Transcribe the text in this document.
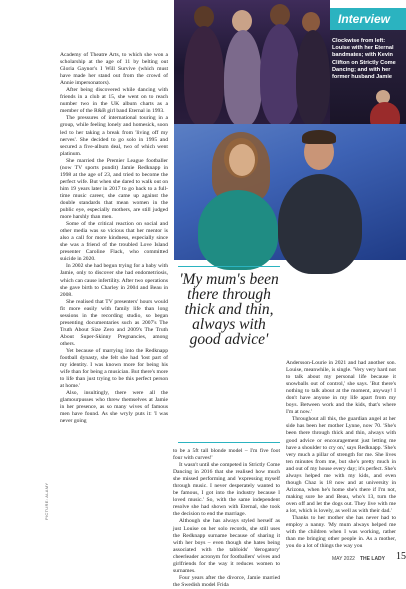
Clockwise from left: Louise with her Eternal bandmates; with Kevin Clifton on Strictly Come Dancing; and with her former husband Jamie
Interview

Academy of Theatre Arts, to which she won a scholarship at the age of 11 by belting out Gloria Gaynor's I Will Survive (which must have made her stand out from the crowd of Annie impersonators).

After being discovered while dancing with friends in a club at 15, she went on to reach number two in the UK album charts as a member of the R&B girl band Eternal in 1993.

The pressures of international touring in a group, while feeling lonely and homesick, soon led to her taking a break from 'living off my nerves'. She decided to go solo in 1995 and secured a five-album deal, two of which went platinum.

She married the Premier League footballer (now TV sports pundit) Jamie Redknapp in 1998 at the age of 23, and tried to become the perfect wife. But when she dared to walk out on him 19 years later in 2017 to go back to a full-time music career, she came up against the double standards that mean women in the public eye, especially mothers, are still judged more harshly than men.

Some of the critical reaction on social and other media was so vicious that her mentor is also a call for more kindness, especially since she was a friend of the troubled Love Island presenter Caroline Flack, who committed suicide in 2020.

In 2002 she had begun trying for a baby with Jamie, only to discover she had endometriosis, which can cause infertility. After two operations she gave birth to Charley in 2004 and Beau in 2008.

She realised that TV presenters' hours would fit more easily with family life than long sessions in the recording studio, so began presenting documentaries such as 2007's The Truth About Size Zero and 2009's The Truth About Super-Skinny Pregnancies, among others.

Yet because of marrying into the Redknapp football dynasty, she felt she had 'lost part of my identity. I was known more for being his wife than for being a musician. But there's more to life than just trying to be this perfect person at home.'

Also, insultingly, there were all the glamourpusses who threw themselves at Jamie in her presence, as so many wives of famous men have found. As she wryly puts it: 'I was never going

'My mum's been there through thick and thin, always with good advice'

to be a 5ft tall blonde model – I'm five foot four with curves!'

It wasn't until she competed in Strictly Come Dancing in 2016 that she realised how much she missed performing and 'expressing myself through music. I never desperately wanted to be famous, I got into the industry because I loved music.' So, with the same independent resolve she had shown with Eternal, she took the decision to end the marriage.

Although she has always styled herself as just Louise on her solo records, she still uses the Redknapp surname because of sharing it with her boys – even though she hates being associated with the tabloids' 'derogatory' cheerleader acronym for footballers' wives and girlfriends for the way it reduces women to surnames.

Four years after the divorce, Jamie married the Swedish model Frida

Andersson-Lourie in 2021 and had another son. Louise, meanwhile, is single. 'Very very hard not to talk about my personal life because it snowballs out of control,' she says. 'But there's nothing to talk about at the moment, anyway! I don't have anyone in my life apart from my boys. Between work and the kids, that's where I'm at now.'

Throughout all this, the guardian angel at her side has been her mother Lynne, now 70. 'She's been there through thick and thin, always with good advice or encouragement just letting me have a shoulder to cry on,' says Redknapp. 'She's very much a pillar of strength for me. She lives ten minutes from me, but she's pretty much in and out of my house every day; it's perfect. She's always helped me with my kids, and even though Chaz is 18 now and at university in Arizona, when he's home she's there if I'm not, making sure he and Beau, who's 13, turn the oven off and let the dogs out. They live with me a lot, which is lovely, as well as with their dad.'

Thanks to her mother she has never had to employ a nanny. 'My mum always helped me with the children when I was working, rather than me bringing other people in. As a mother, you do a lot of things the way you

PICTURE: ALAMY
MAY 2022 THE LADY 15
